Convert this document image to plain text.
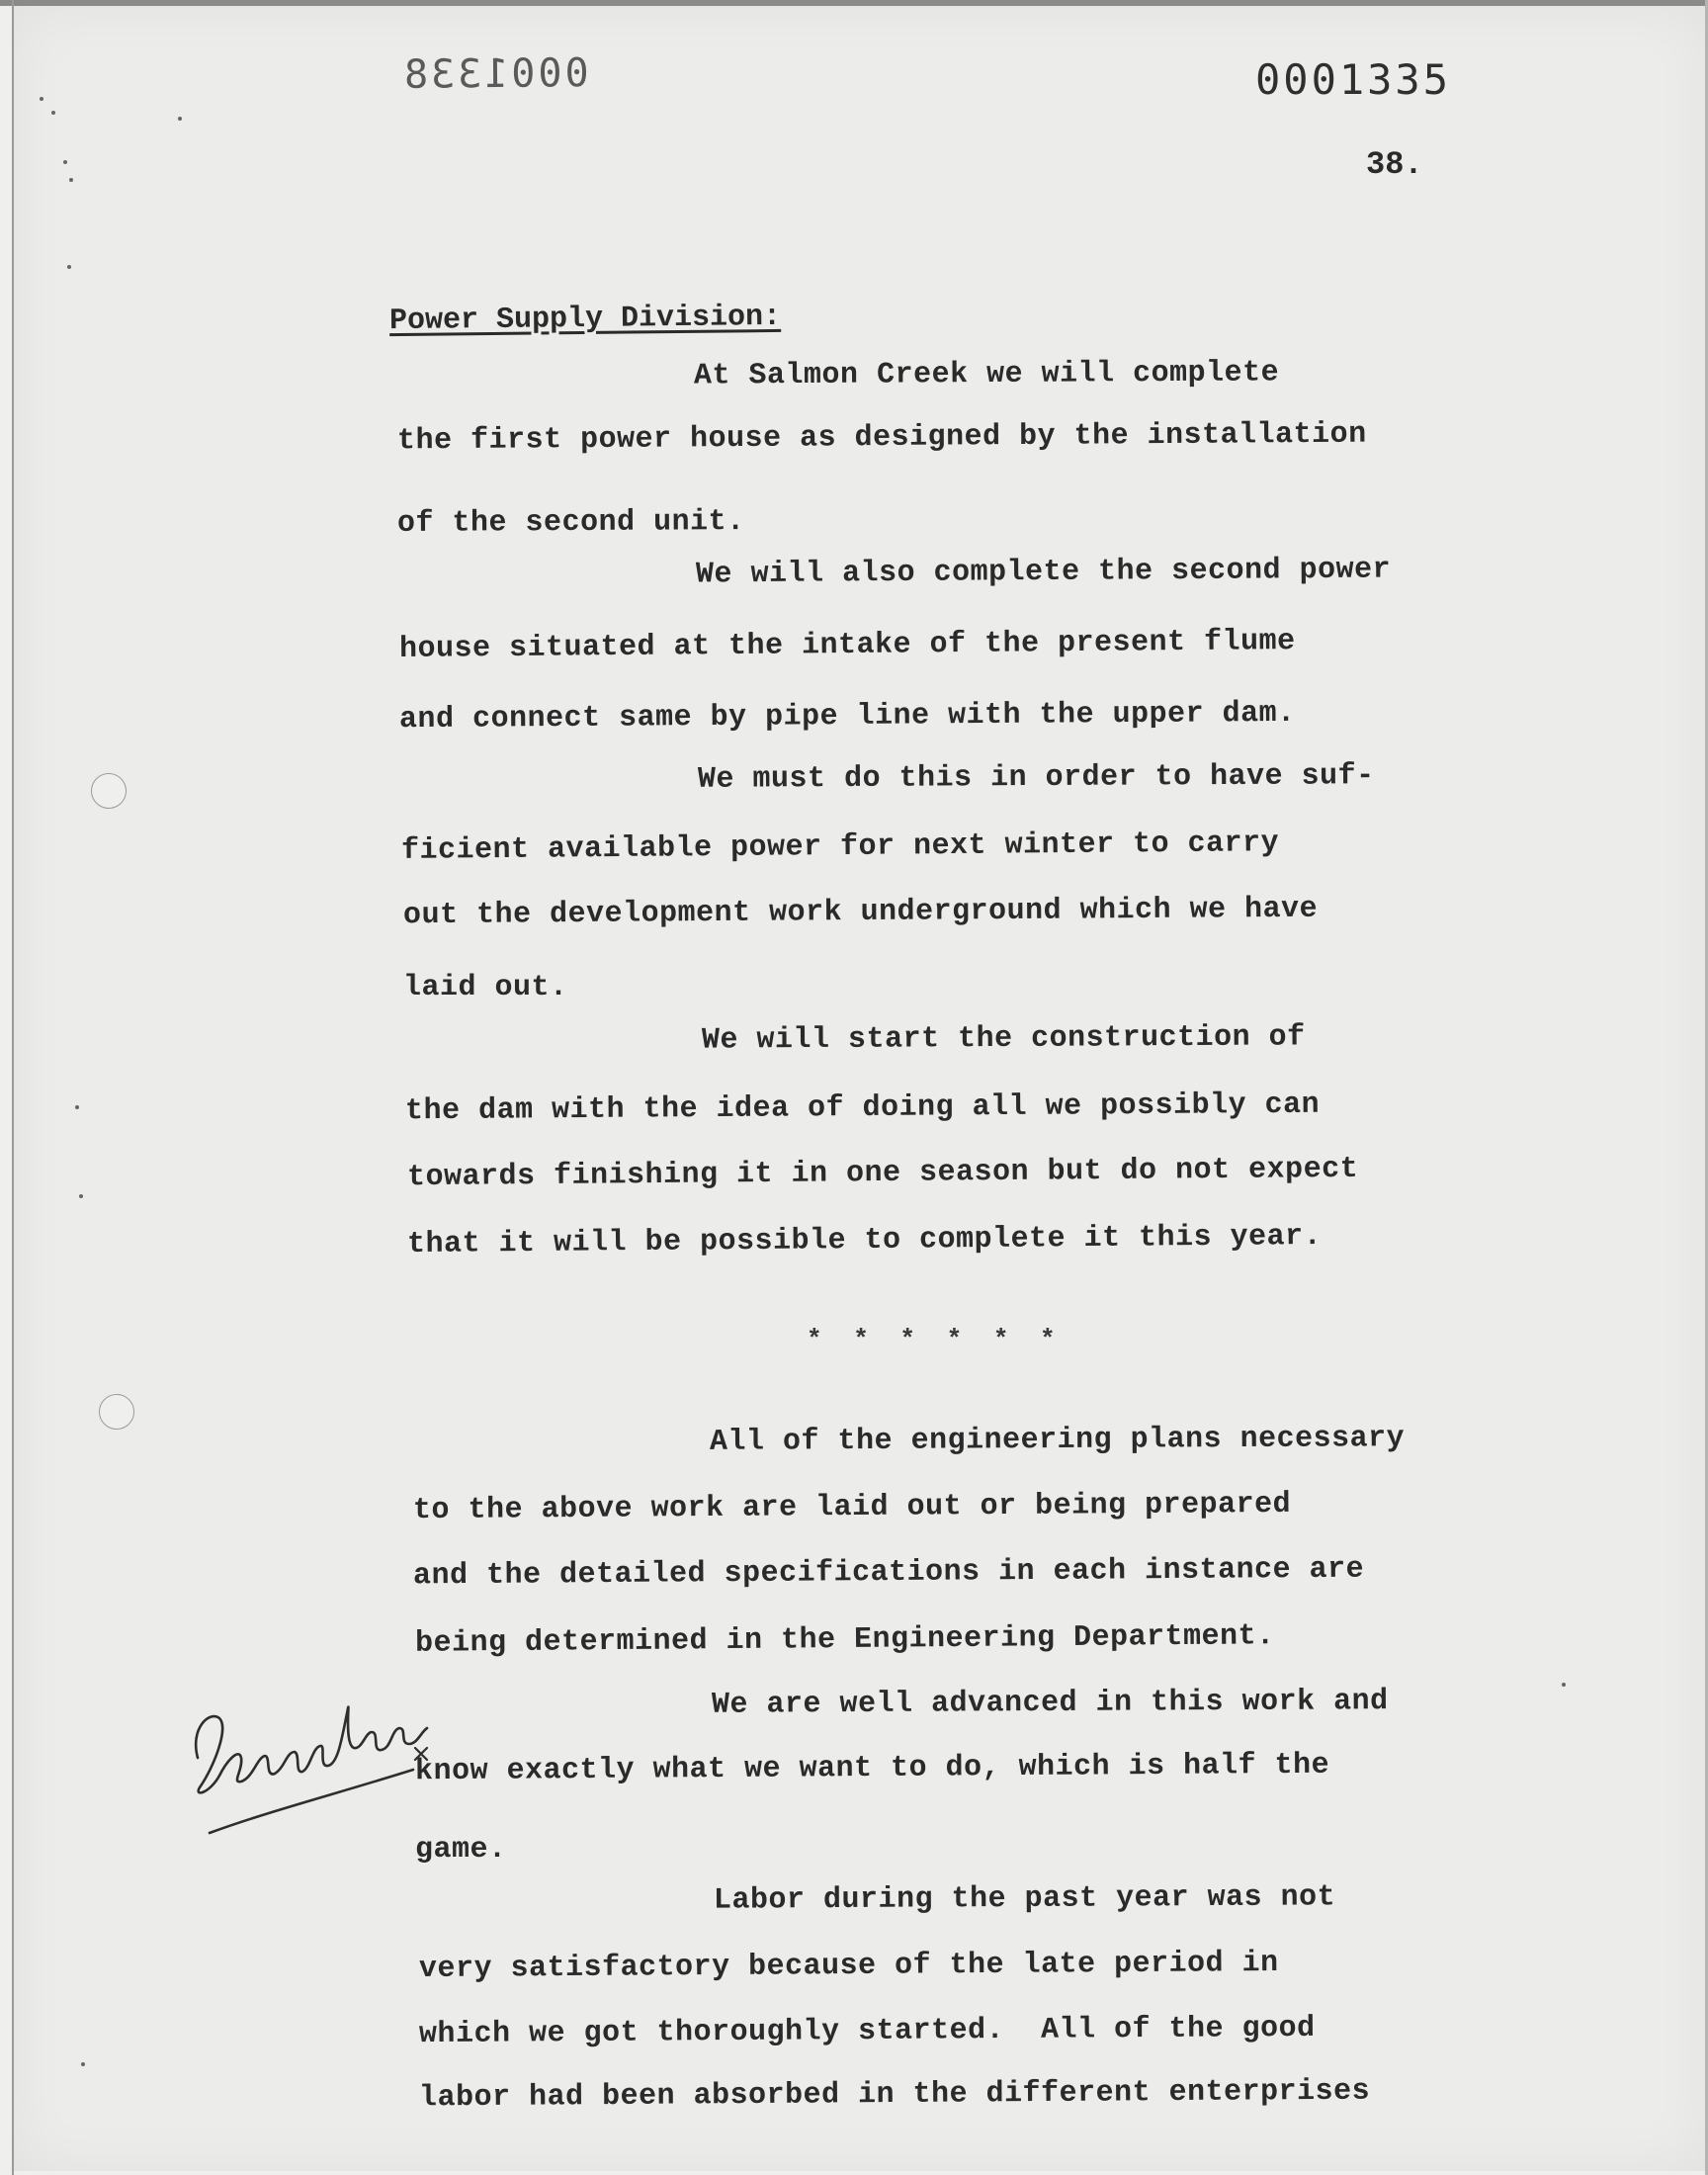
0001338	0001335
38.
Power Supply Division:
At Salmon Creek we will complete
the first power house as designed by the installation
of the second unit.
We will also complete the second power
house situated at the intake of the present flume
and connect same by pipe line with the upper dam.
We must do this in order to have suf-
ficient available power for next winter to carry
out the development work underground which we have
laid out.
We will start the construction of
the dam with the idea of doing all we possibly can
towards finishing it in one season but do not expect
that it will be possible to complete it this year.
* * * * * *
All of the engineering plans necessary
to the above work are laid out or being prepared
and the detailed specifications in each instance are
being determined in the Engineering Department.
We are well advanced in this work and
know exactly what we want to do, which is half the
game.
Labor during the past year was not
very satisfactory because of the late period in
which we got thoroughly started.  All of the good
labor had been absorbed in the different enterprises
